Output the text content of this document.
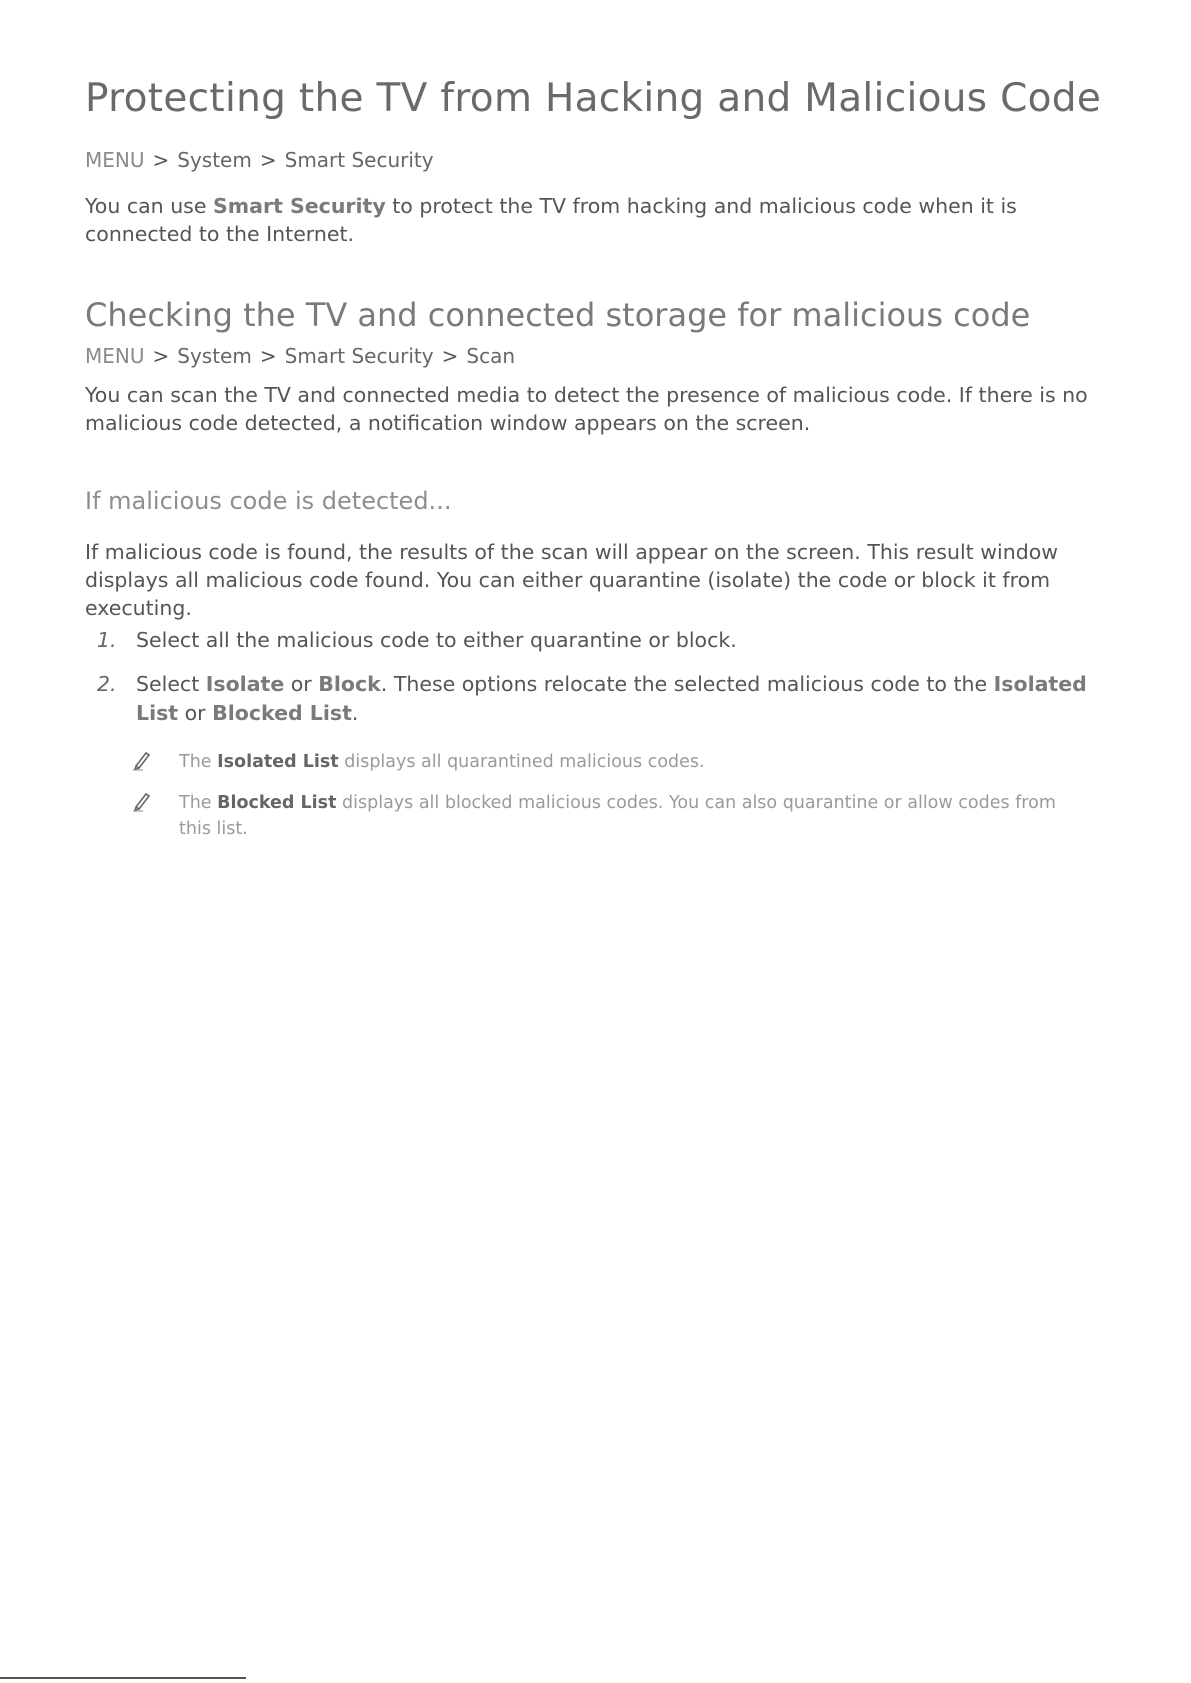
Protecting the TV from Hacking and Malicious Code

MENU > System > Smart Security

You can use Smart Security to protect the TV from hacking and malicious code when it is connected to the Internet.

Checking the TV and connected storage for malicious code

MENU > System > Smart Security > Scan

You can scan the TV and connected media to detect the presence of malicious code. If there is no malicious code detected, a notification window appears on the screen.

If malicious code is detected...

If malicious code is found, the results of the scan will appear on the screen. This result window displays all malicious code found. You can either quarantine (isolate) the code or block it from executing.

1. Select all the malicious code to either quarantine or block.
2. Select Isolate or Block. These options relocate the selected malicious code to the Isolated List or Blocked List.
The Isolated List displays all quarantined malicious codes.
The Blocked List displays all blocked malicious codes. You can also quarantine or allow codes from this list.
